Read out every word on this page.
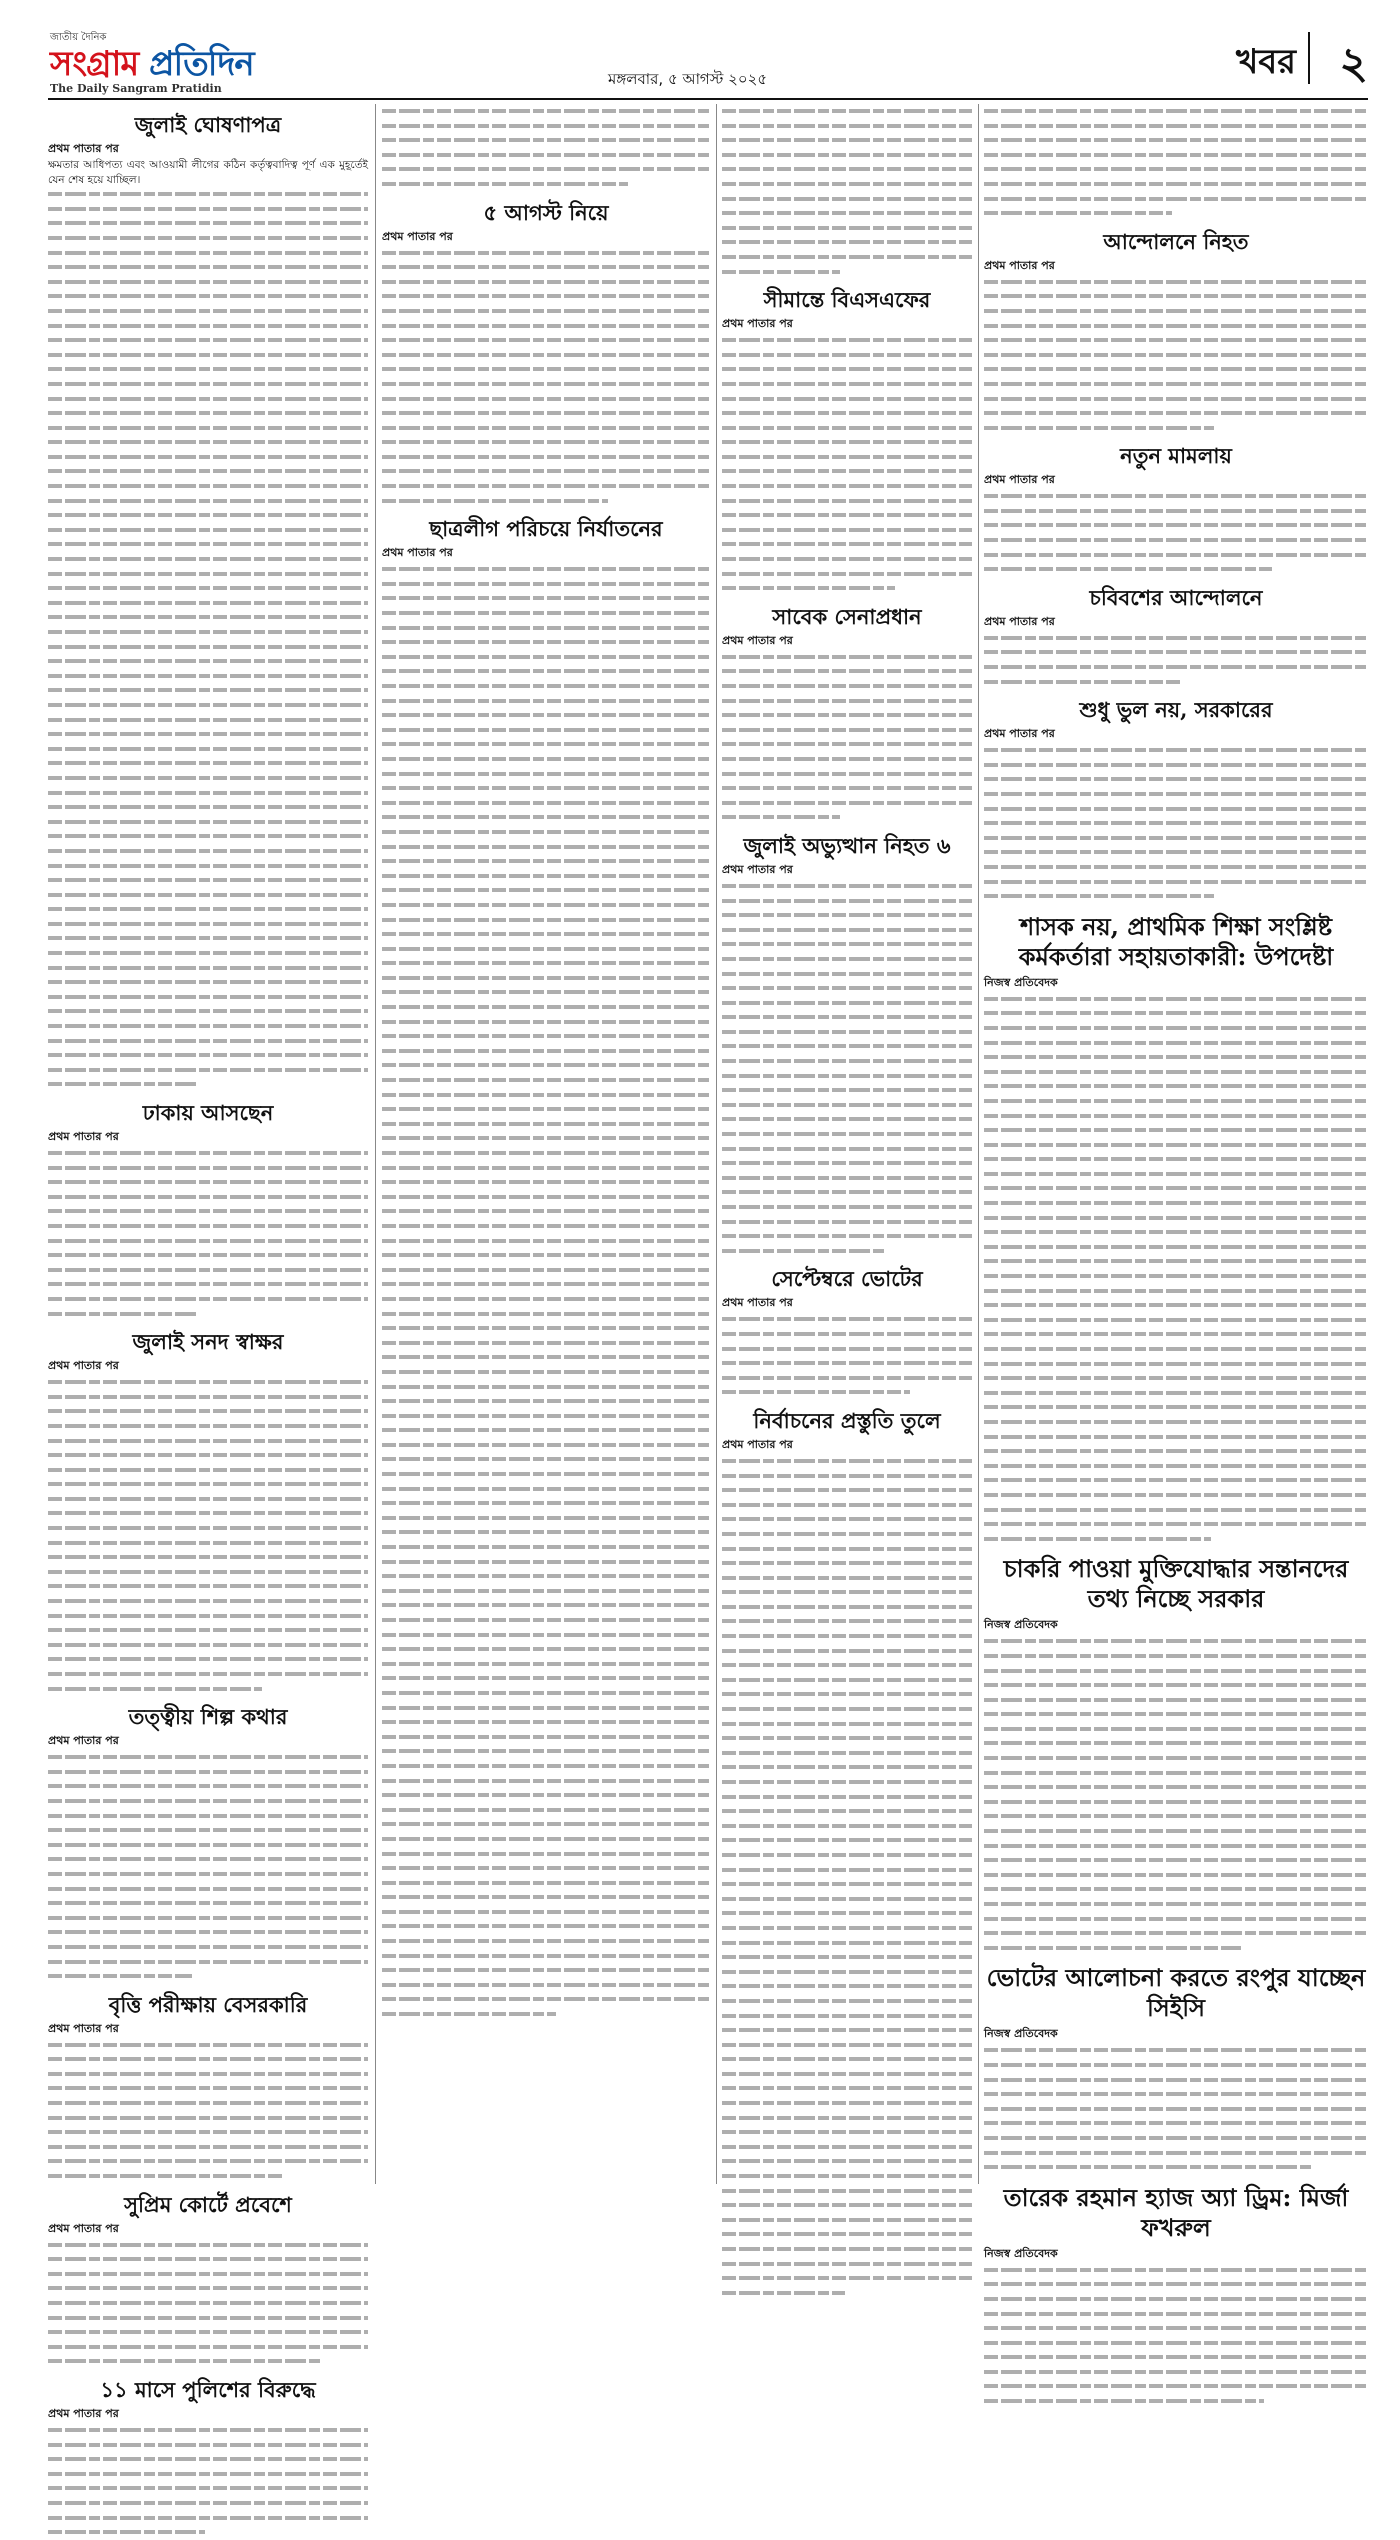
জাতীয় দৈনিক
সংগ্রাম প্রতিদিন
The Daily Sangram Pratidin
মঙ্গলবার, ৫ আগস্ট ২০২৫	খবর ২
জুলাই ঘোষণাপত্র
প্রথম পাতার পর

ক্ষমতার আধিপত্য এবং আওয়ামী লীগের কঠিন কর্তৃত্ববাদিত্ব পূর্ণ এক মুহূর্তেই যেন শেষ হয়ে যাচ্ছিল।

ঢাকায় আসছেন
প্রথম পাতার পর
জুলাই সনদ স্বাক্ষর
প্রথম পাতার পর
তত্ত্বীয় শিল্প কথার
প্রথম পাতার পর
বৃত্তি পরীক্ষায় বেসরকারি
প্রথম পাতার পর
সুপ্রিম কোর্টে প্রবেশে
প্রথম পাতার পর
১১ মাসে পুলিশের বিরুদ্ধে
প্রথম পাতার পর
৫ আগস্ট নিয়ে
প্রথম পাতার পর
ছাত্রলীগ পরিচয়ে নির্যাতনের
প্রথম পাতার পর
সীমান্তে বিএসএফের
প্রথম পাতার পর
সাবেক সেনাপ্রধান
প্রথম পাতার পর
জুলাই অভ্যুত্থান নিহত ৬
প্রথম পাতার পর
সেপ্টেম্বরে ভোটের
প্রথম পাতার পর
নির্বাচনের প্রস্তুতি তুলে
প্রথম পাতার পর
আন্দোলনে নিহত
প্রথম পাতার পর
নতুন মামলায়
প্রথম পাতার পর
চবিবশের আন্দোলনে
প্রথম পাতার পর
শুধু ভুল নয়, সরকারের
প্রথম পাতার পর
শাসক নয়, প্রাথমিক শিক্ষা সংশ্লিষ্ট কর্মকর্তারা সহায়তাকারী: উপদেষ্টা
নিজস্ব প্রতিবেদক
চাকরি পাওয়া মুক্তিযোদ্ধার সন্তানদের তথ্য নিচ্ছে সরকার
নিজস্ব প্রতিবেদক
ভোটের আলোচনা করতে রংপুর যাচ্ছেন সিইসি
নিজস্ব প্রতিবেদক
তারেক রহমান হ্যাজ অ্যা ড্রিম: মির্জা ফখরুল
নিজস্ব প্রতিবেদক
